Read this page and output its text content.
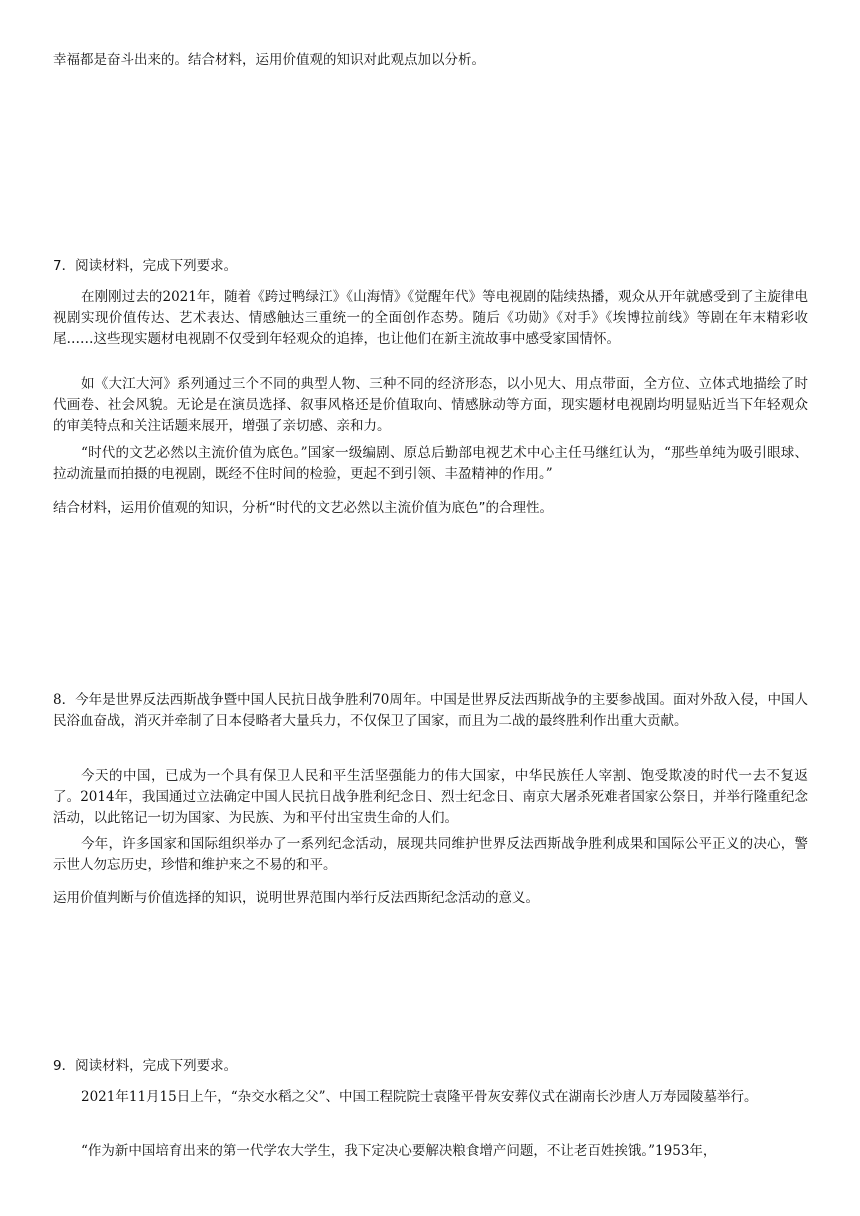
幸福都是奋斗出来的。结合材料，运用价值观的知识对此观点加以分析。

7．阅读材料，完成下列要求。

在刚刚过去的2021年，随着《跨过鸭绿江》《山海情》《觉醒年代》等电视剧的陆续热播，观众从开年就感受到了主旋律电视剧实现价值传达、艺术表达、情感触达三重统一的全面创作态势。随后《功勋》《对手》《埃博拉前线》等剧在年末精彩收尾……这些现实题材电视剧不仅受到年轻观众的追捧，也让他们在新主流故事中感受家国情怀。

如《大江大河》系列通过三个不同的典型人物、三种不同的经济形态，以小见大、用点带面，全方位、立体式地描绘了时代画卷、社会风貌。无论是在演员选择、叙事风格还是价值取向、情感脉动等方面，现实题材电视剧均明显贴近当下年轻观众的审美特点和关注话题来展开，增强了亲切感、亲和力。

“时代的文艺必然以主流价值为底色。”国家一级编剧、原总后勤部电视艺术中心主任马继红认为，“那些单纯为吸引眼球、拉动流量而拍摄的电视剧，既经不住时间的检验，更起不到引领、丰盈精神的作用。”

结合材料，运用价值观的知识，分析“时代的文艺必然以主流价值为底色”的合理性。

8．今年是世界反法西斯战争暨中国人民抗日战争胜利70周年。中国是世界反法西斯战争的主要参战国。面对外敌入侵，中国人民浴血奋战，消灭并牵制了日本侵略者大量兵力，不仅保卫了国家，而且为二战的最终胜利作出重大贡献。

今天的中国，已成为一个具有保卫人民和平生活坚强能力的伟大国家，中华民族任人宰割、饱受欺凌的时代一去不复返了。2014年，我国通过立法确定中国人民抗日战争胜利纪念日、烈士纪念日、南京大屠杀死难者国家公祭日，并举行隆重纪念活动，以此铭记一切为国家、为民族、为和平付出宝贵生命的人们。

今年，许多国家和国际组织举办了一系列纪念活动，展现共同维护世界反法西斯战争胜利成果和国际公平正义的决心，警示世人勿忘历史，珍惜和维护来之不易的和平。

运用价值判断与价值选择的知识，说明世界范围内举行反法西斯纪念活动的意义。

9．阅读材料，完成下列要求。

2021年11月15日上午，“杂交水稻之父”、中国工程院院士袁隆平骨灰安葬仪式在湖南长沙唐人万寿园陵墓举行。

“作为新中国培育出来的第一代学农大学生，我下定决心要解决粮食增产问题，不让老百姓挨饿。”1953年，
